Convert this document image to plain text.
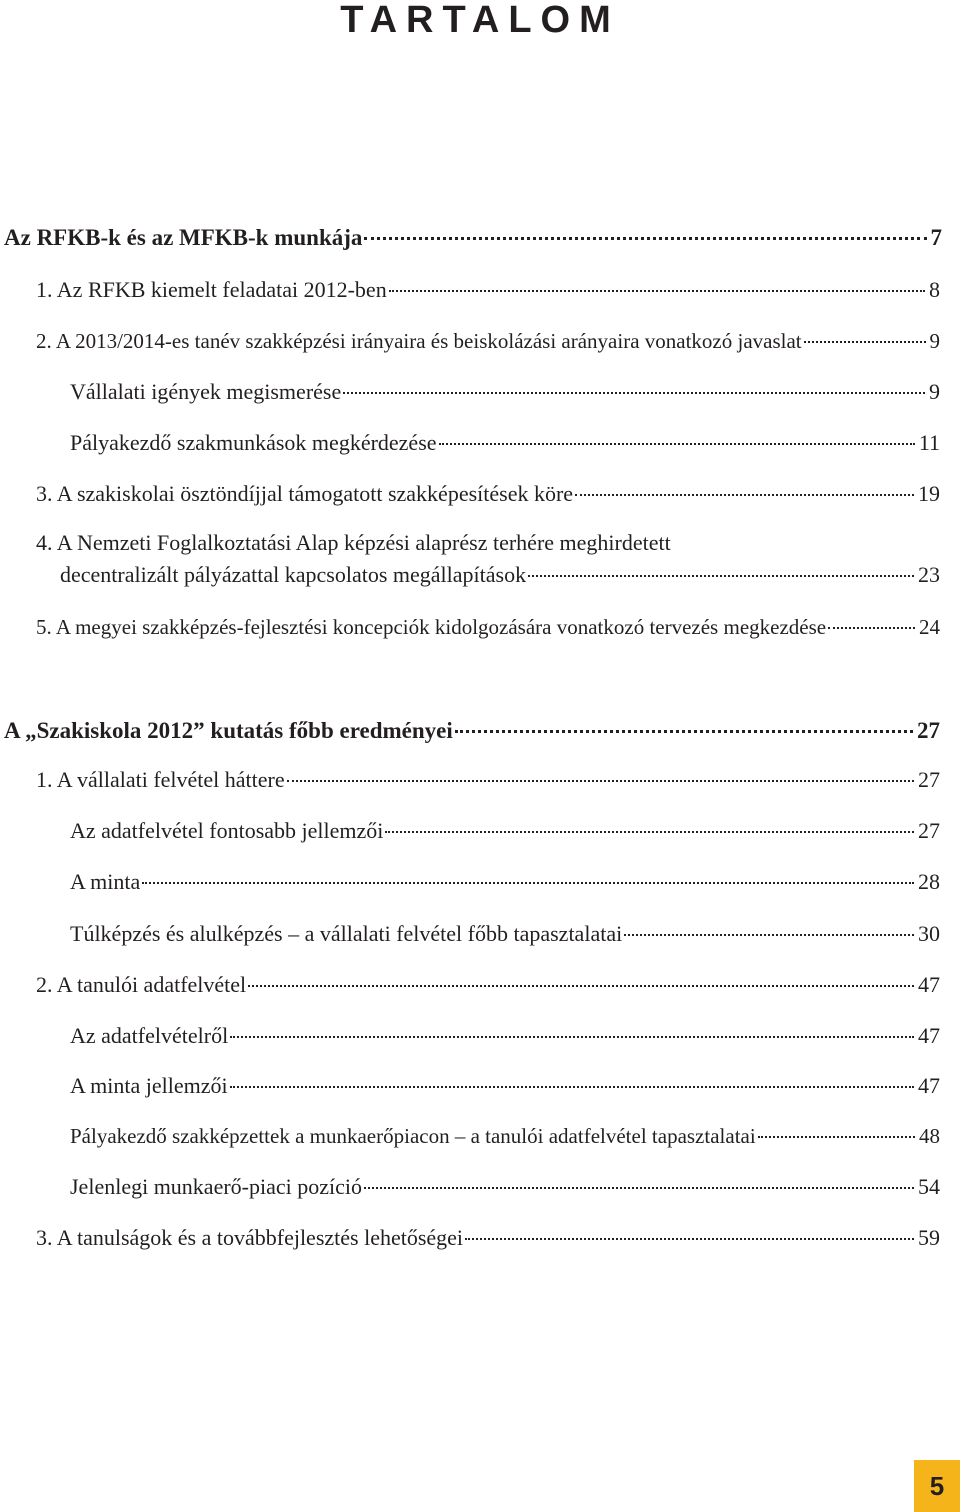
TARTALOM
Az RFKB-k és az MFKB-k munkája	7
1. Az RFKB kiemelt feladatai 2012-ben	8
2. A 2013/2014-es tanév szakképzési irányaira és beiskolázási arányaira vonatkozó javaslat	9
Vállalati igények megismerése	9
Pályakezdő szakmunkások megkérdezése	11
3. A szakiskolai ösztöndíjjal támogatott szakképesítések köre	19
4. A Nemzeti Foglalkoztatási Alap képzési alaprész terhére meghirdetett
decentralizált pályázattal kapcsolatos megállapítások	23
5. A megyei szakképzés-fejlesztési koncepciók kidolgozására vonatkozó tervezés megkezdése	24
A „Szakiskola 2012” kutatás főbb eredményei	27
1. A vállalati felvétel háttere	27
Az adatfelvétel fontosabb jellemzői	27
A minta	28
Túlképzés és alulképzés – a vállalati felvétel főbb tapasztalatai	30
2. A tanulói adatfelvétel	47
Az adatfelvételről	47
A minta jellemzői	47
Pályakezdő szakképzettek a munkaerőpiacon – a tanulói adatfelvétel tapasztalatai	48
Jelenlegi munkaerő-piaci pozíció	54
3. A tanulságok és a továbbfejlesztés lehetőségei	59
5
